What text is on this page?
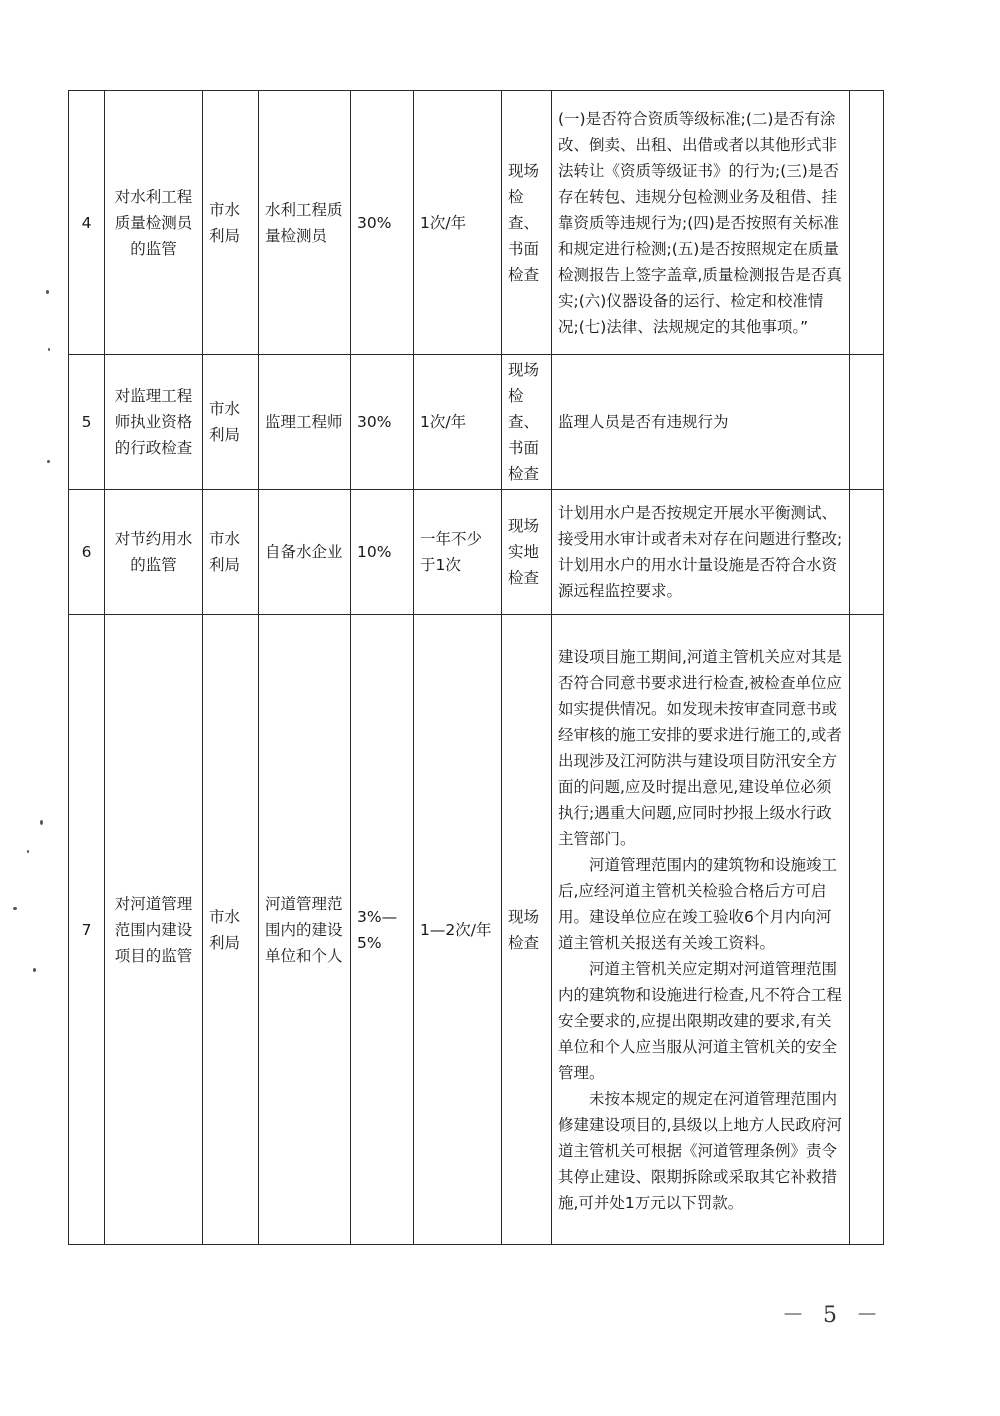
4	对水利工程质量检测员的监管	市水利局	水利工程质量检测员	30%	1次/年	现场检查、书面检查	(一)是否符合资质等级标准;(二)是否有涂改、倒卖、出租、出借或者以其他形式非法转让《资质等级证书》的行为;(三)是否存在转包、违规分包检测业务及租借、挂靠资质等违规行为;(四)是否按照有关标准和规定进行检测;(五)是否按照规定在质量检测报告上签字盖章,质量检测报告是否真实;(六)仪器设备的运行、检定和校准情况;(七)法律、法规规定的其他事项。”	

5	对监理工程师执业资格的行政检查	市水利局	监理工程师	30%	1次/年	现场检查、书面检查	监理人员是否有违规行为	

6	对节约用水的监管	市水利局	自备水企业	10%	一年不少于1次	现场实地检查	计划用水户是否按规定开展水平衡测试、接受用水审计或者未对存在问题进行整改;计划用水户的用水计量设施是否符合水资源远程监控要求。	

7	对河道管理范围内建设项目的监管	市水利局	河道管理范围内的建设单位和个人	3%—5%	1—2次/年	现场检查	建设项目施工期间,河道主管机关应对其是否符合同意书要求进行检查,被检查单位应如实提供情况。如发现未按审查同意书或经审核的施工安排的要求进行施工的,或者出现涉及江河防洪与建设项目防汛安全方面的问题,应及时提出意见,建设单位必须执行;遇重大问题,应同时抄报上级水行政主管部门。

河道管理范围内的建筑物和设施竣工后,应经河道主管机关检验合格后方可启用。建设单位应在竣工验收6个月内向河道主管机关报送有关竣工资料。

河道主管机关应定期对河道管理范围内的建筑物和设施进行检查,凡不符合工程安全要求的,应提出限期改建的要求,有关单位和个人应当服从河道主管机关的安全管理。

未按本规定的规定在河道管理范围内修建建设项目的,县级以上地方人民政府河道主管机关可根据《河道管理条例》责令其停止建设、限期拆除或采取其它补救措施,可并处1万元以下罚款。	

－ 5 －
